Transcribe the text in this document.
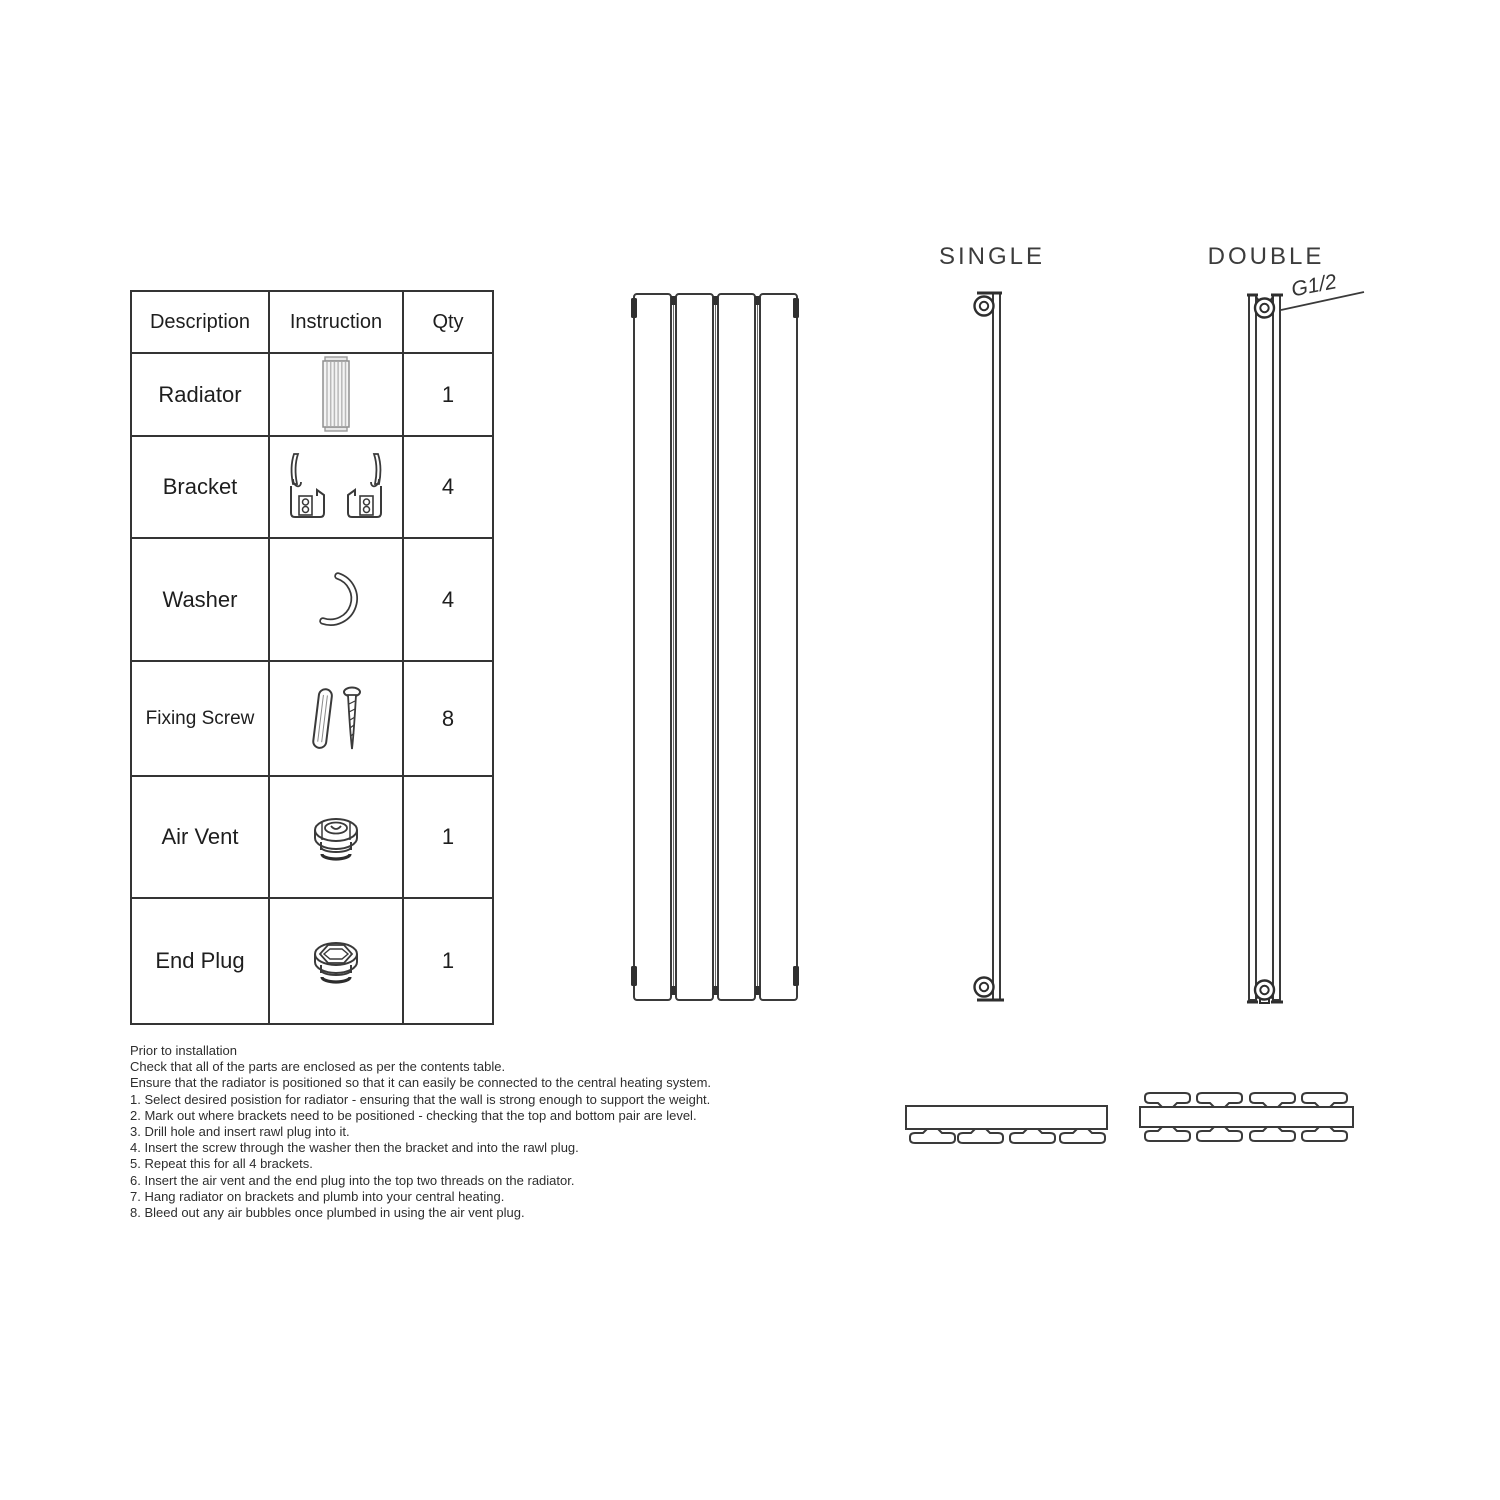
Description	Instruction	Qty
Radiator	1
Bracket	4
Washer	4
Fixing Screw	8
Air Vent	1
End Plug	1
SINGLE	DOUBLE
G1/2
Prior to installation
Check that all of the parts are enclosed as per the contents table.
Ensure that the radiator is positioned so that it can easily be connected to the central heating system.
1. Select desired posistion for radiator - ensuring that the wall is strong enough to support the weight.
2. Mark out where brackets need to be positioned - checking that the top and bottom pair are level.
3. Drill hole and insert rawl plug into it.
4. Insert the screw through the washer then the bracket and into the rawl plug.
5. Repeat this for all 4 brackets.
6. Insert the air vent and the end plug into the top two threads on the radiator.
7. Hang radiator on brackets and plumb into your central heating.
8. Bleed out any air bubbles once plumbed in using the air vent plug.
